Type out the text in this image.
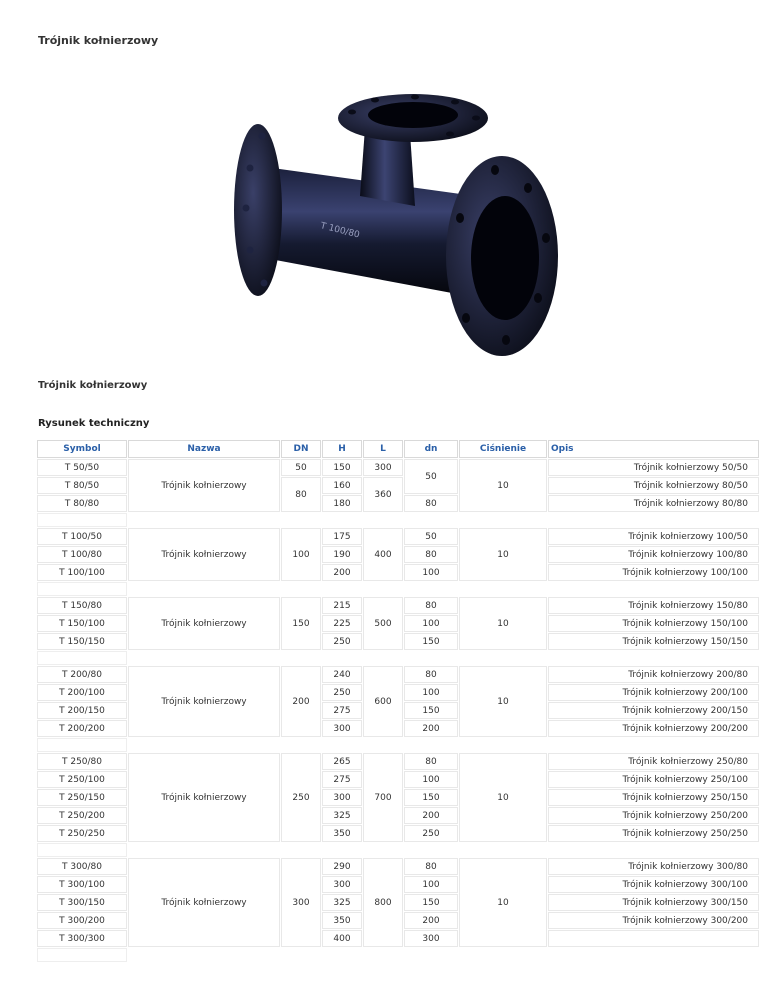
Trójnik kołnierzowy
T 100/80
Trójnik kołnierzowy
Rysunek techniczny
Symbol	Nazwa	DN	H	L	dn	Ciśnienie	Opis
T 50/50	Trójnik kołnierzowy	50	150	300	50	10	Trójnik kołnierzowy 50/50
T 80/50		80	160	360			Trójnik kołnierzowy 80/50
T 80/80			180		80		Trójnik kołnierzowy 80/80

T 100/50	Trójnik kołnierzowy	100	175	400	50	10	Trójnik kołnierzowy 100/50
T 100/80			190		80		Trójnik kołnierzowy 100/80
T 100/100			200		100		Trójnik kołnierzowy 100/100

T 150/80	Trójnik kołnierzowy	150	215	500	80	10	Trójnik kołnierzowy 150/80
T 150/100			225		100		Trójnik kołnierzowy 150/100
T 150/150			250		150		Trójnik kołnierzowy 150/150

T 200/80	Trójnik kołnierzowy	200	240	600	80	10	Trójnik kołnierzowy 200/80
T 200/100			250		100		Trójnik kołnierzowy 200/100
T 200/150			275		150		Trójnik kołnierzowy 200/150
T 200/200			300		200		Trójnik kołnierzowy 200/200

T 250/80	Trójnik kołnierzowy	250	265	700	80	10	Trójnik kołnierzowy 250/80
T 250/100			275		100		Trójnik kołnierzowy 250/100
T 250/150			300		150		Trójnik kołnierzowy 250/150
T 250/200			325		200		Trójnik kołnierzowy 250/200
T 250/250			350		250		Trójnik kołnierzowy 250/250

T 300/80	Trójnik kołnierzowy	300	290	800	80	10	Trójnik kołnierzowy 300/80
T 300/100			300		100		Trójnik kołnierzowy 300/100
T 300/150			325		150		Trójnik kołnierzowy 300/150
T 300/200			350		200		Trójnik kołnierzowy 300/200
T 300/300			400		300		
